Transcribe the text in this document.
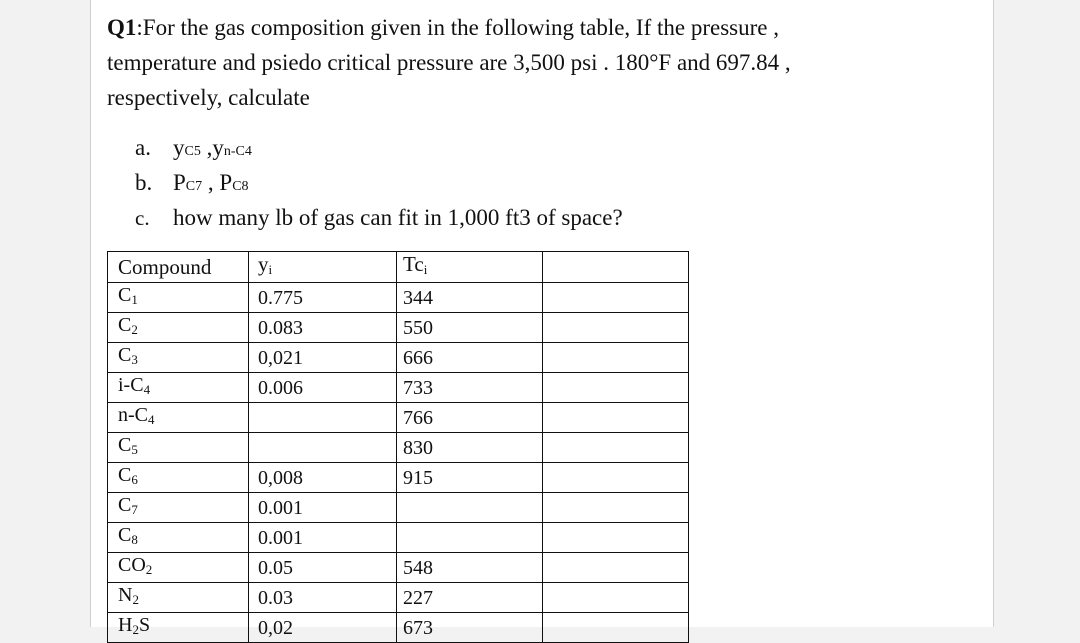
Q1:For the gas composition given in the following table, If the pressure ,
temperature and psiedo critical pressure are 3,500 psi . 180°F and 697.84 ,
respectively, calculate
a. yC5 ,yn-C4
b. PC7 , PC8
c. how many lb of gas can fit in 1,000 ft3 of space?
Compound	yi	Tci	
$C_1$	0.775	344	
$C_2$	0.083	550	
$C_3$	0,021	666	
$i-C_4$	0.006	733	
$n-C_4$		766	
$C_5$		830	
$C_6$	0,008	915	
$C_7$	0.001		
$C_8$	0.001		
$CO_2$	0.05	548	
$N_2$	0.03	227	
$H_2S$	0,02	673	
